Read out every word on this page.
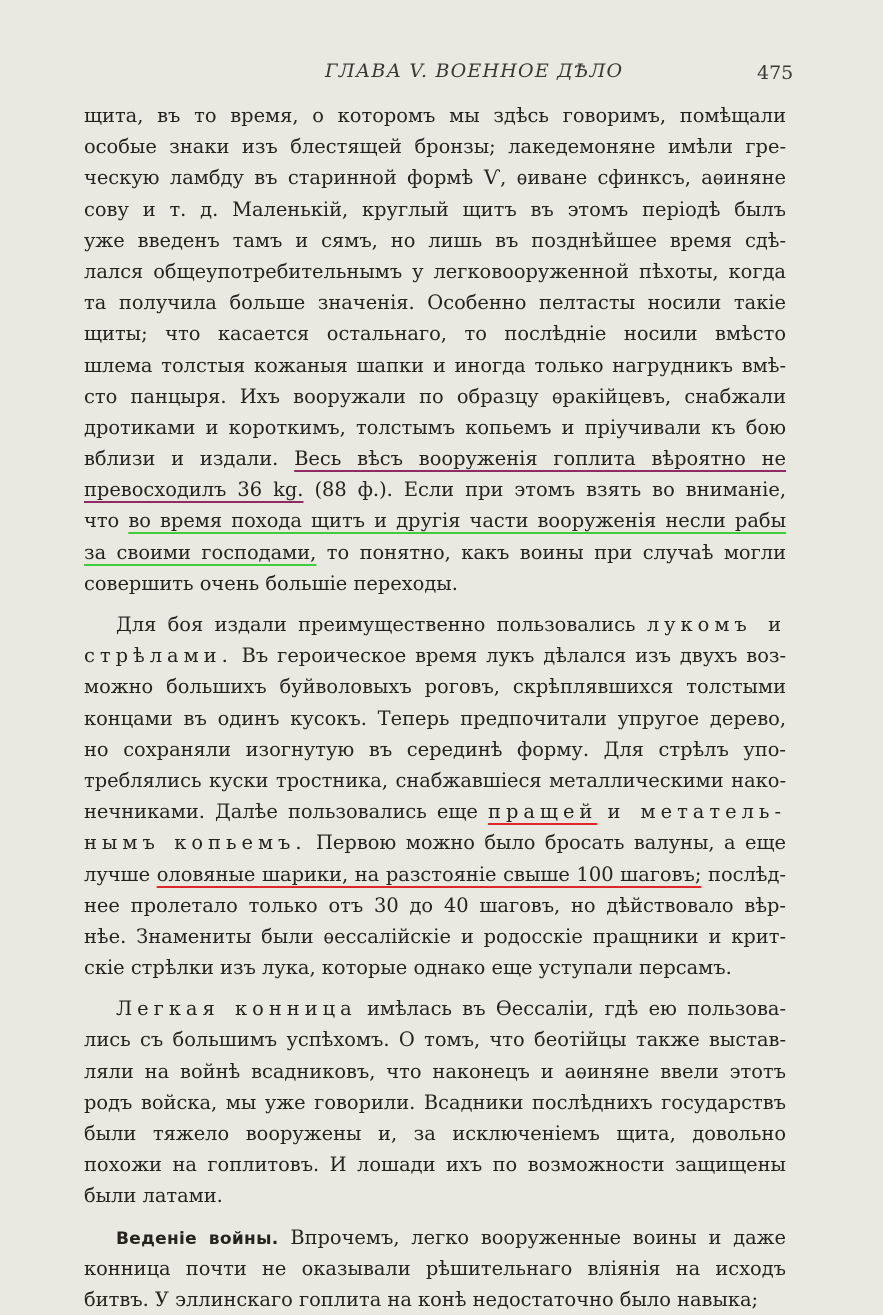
ГЛАВА V. ВОЕННОЕ ДѢЛО	475
щита, въ то время, о которомъ мы здѣсь говоримъ, помѣщали
особые знаки изъ блестящей бронзы; лакедемоняне имѣли гре-
ческую ламбду въ старинной формѣ Ѵ, ѳиване сфинксъ, аѳиняне
сову и т. д. Маленькій, круглый щитъ въ этомъ періодѣ былъ
уже введенъ тамъ и сямъ, но лишь въ позднѣйшее время сдѣ-
лался общеупотребительнымъ у легковооруженной пѣхоты, когда
та получила больше значенія. Особенно пелтасты носили такіе
щиты; что касается остальнаго, то послѣдніе носили вмѣсто
шлема толстыя кожаныя шапки и иногда только нагрудникъ вмѣ-
сто панцыря. Ихъ вооружали по образцу ѳракійцевъ, снабжали
дротиками и короткимъ, толстымъ копьемъ и пріучивали къ бою
вблизи и издали. Весь вѣсъ вооруженія гоплита вѣроятно не
превосходилъ 36 kg. (88 ф.). Если при этомъ взять во вниманіе,
что во время похода щитъ и другія части вооруженія несли рабы
за своими господами, то понятно, какъ воины при случаѣ могли
совершить очень большіе переходы.
Для боя издали преимущественно пользовались лукомъ и
стрѣлами. Въ героическое время лукъ дѣлался изъ двухъ воз-
можно большихъ буйволовыхъ роговъ, скрѣплявшихся толстыми
концами въ одинъ кусокъ. Теперь предпочитали упругое дерево,
но сохраняли изогнутую въ серединѣ форму. Для стрѣлъ упо-
треблялись куски тростника, снабжавшіеся металлическими нако-
нечниками. Далѣе пользовались еще пращей и метатель-
нымъ копьемъ. Первою можно было бросать валуны, а еще
лучше оловяные шарики, на разстояніе свыше 100 шаговъ; послѣд-
нее пролетало только отъ 30 до 40 шаговъ, но дѣйствовало вѣр-
нѣе. Знамениты были ѳессалійскіе и родосскіе пращники и крит-
скіе стрѣлки изъ лука, которые однако еще уступали персамъ.
Легкая конница имѣлась въ Ѳессаліи, гдѣ ею пользова-
лись съ большимъ успѣхомъ. О томъ, что беотійцы также выстав-
ляли на войнѣ всадниковъ, что наконецъ и аѳиняне ввели этотъ
родъ войска, мы уже говорили. Всадники послѣднихъ государствъ
были тяжело вооружены и, за исключеніемъ щита, довольно
похожи на гоплитовъ. И лошади ихъ по возможности защищены
были латами.
Веденіе войны. Впрочемъ, легко вооруженные воины и даже
конница почти не оказывали рѣшительнаго вліянія на исходъ
битвъ. У эллинскаго гоплита на конѣ недостаточно было навыка;
